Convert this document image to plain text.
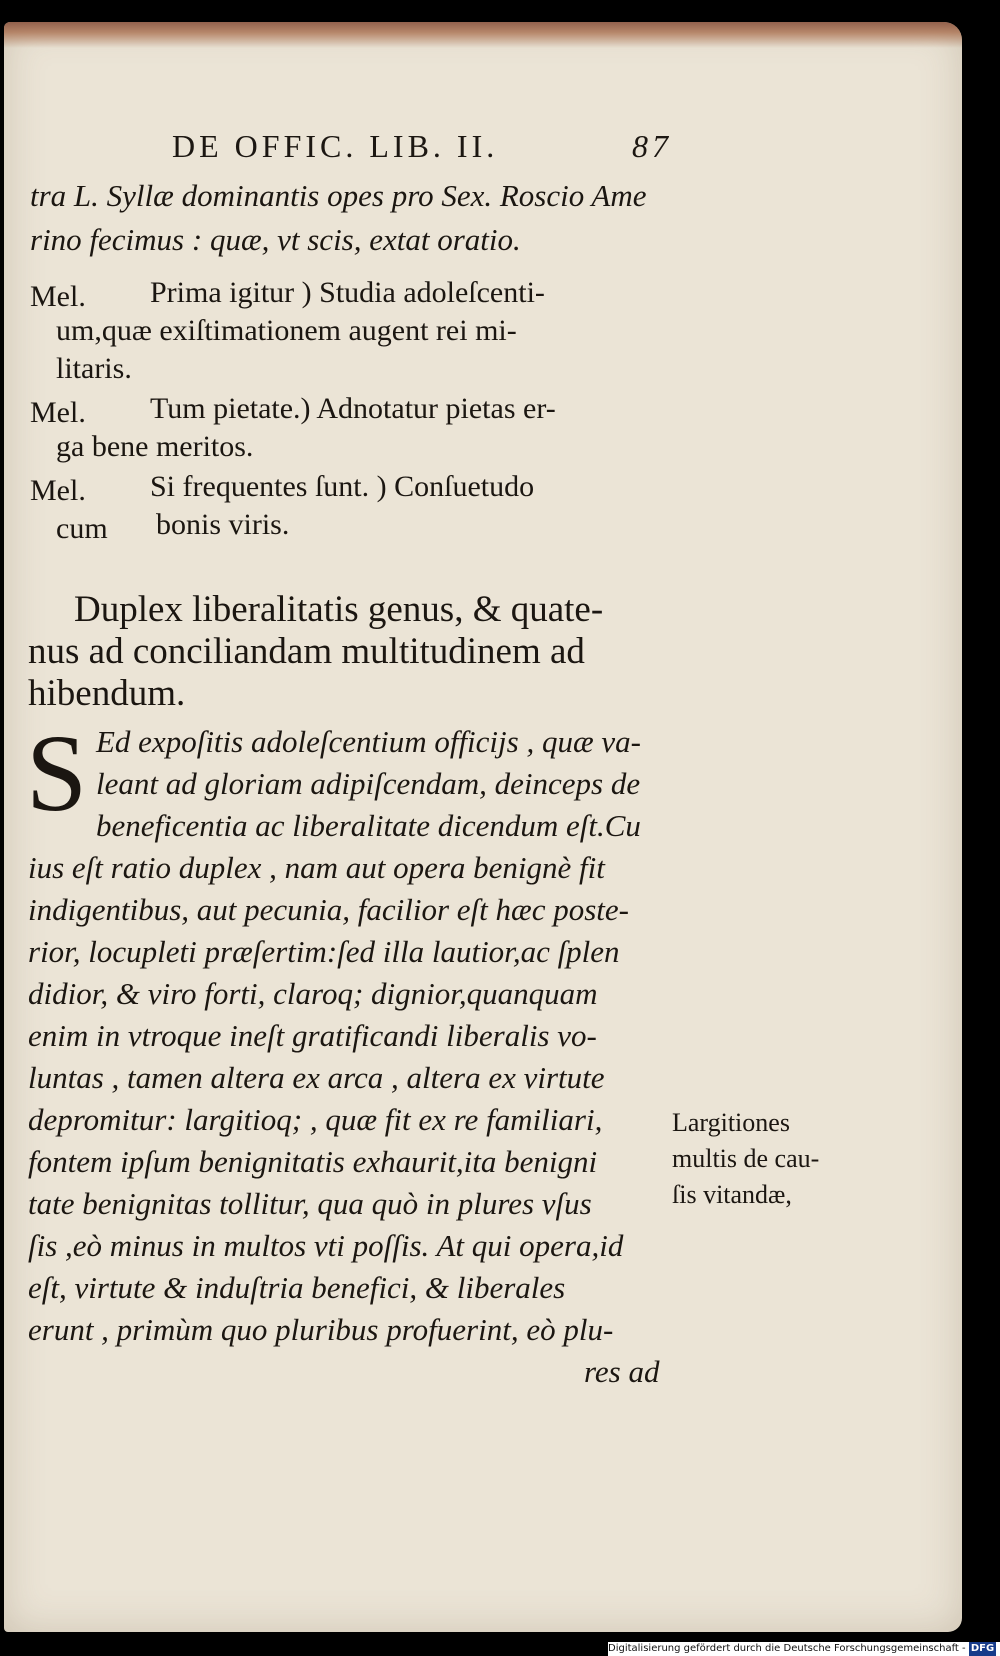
DE OFFIC. LIB. II.	87
tra L. Syllæ dominantis opes pro Sex. Roscio Ame
rino fecimus : quæ, vt scis, extat oratio.
Mel. Prima igitur ) Studia adoleſcenti-
um,quæ exiſtimationem augent rei mi-
litaris.
Mel. Tum pietate.) Adnotatur pietas er-
ga bene meritos.
Mel. Si frequentes ſunt. ) Conſuetudo
cum bonis viris.
Duplex liberalitatis genus, & quate-
nus ad conciliandam multitudinem ad
hibendum.
S Ed expoſitis adoleſcentium officijs , quæ va-
leant ad gloriam adipiſcendam, deinceps de
beneficentia ac liberalitate dicendum eſt.Cu
ius eſt ratio duplex , nam aut opera benignè fit
indigentibus, aut pecunia, facilior eſt hæc poste-
rior, locupleti præſertim:ſed illa lautior,ac ſplen
didior, & viro forti, claroq; dignior,quanquam
enim in vtroque ineſt gratificandi liberalis vo-
luntas , tamen altera ex arca , altera ex virtute
depromitur: largitioq; , quæ fit ex re familiari,
fontem ipſum benignitatis exhaurit,ita benigni
tate benignitas tollitur, qua quò in plures vſus
ſis ,eò minus in multos vti poſſis. At qui opera,id
eſt, virtute & induſtria benefici, & liberales
erunt , primùm quo pluribus profuerint, eò plu-
res ad
Largitiones
multis de cau-
ſis vitandæ,
Digitalisierung gefördert durch die Deutsche Forschungsgemeinschaft - DFG
